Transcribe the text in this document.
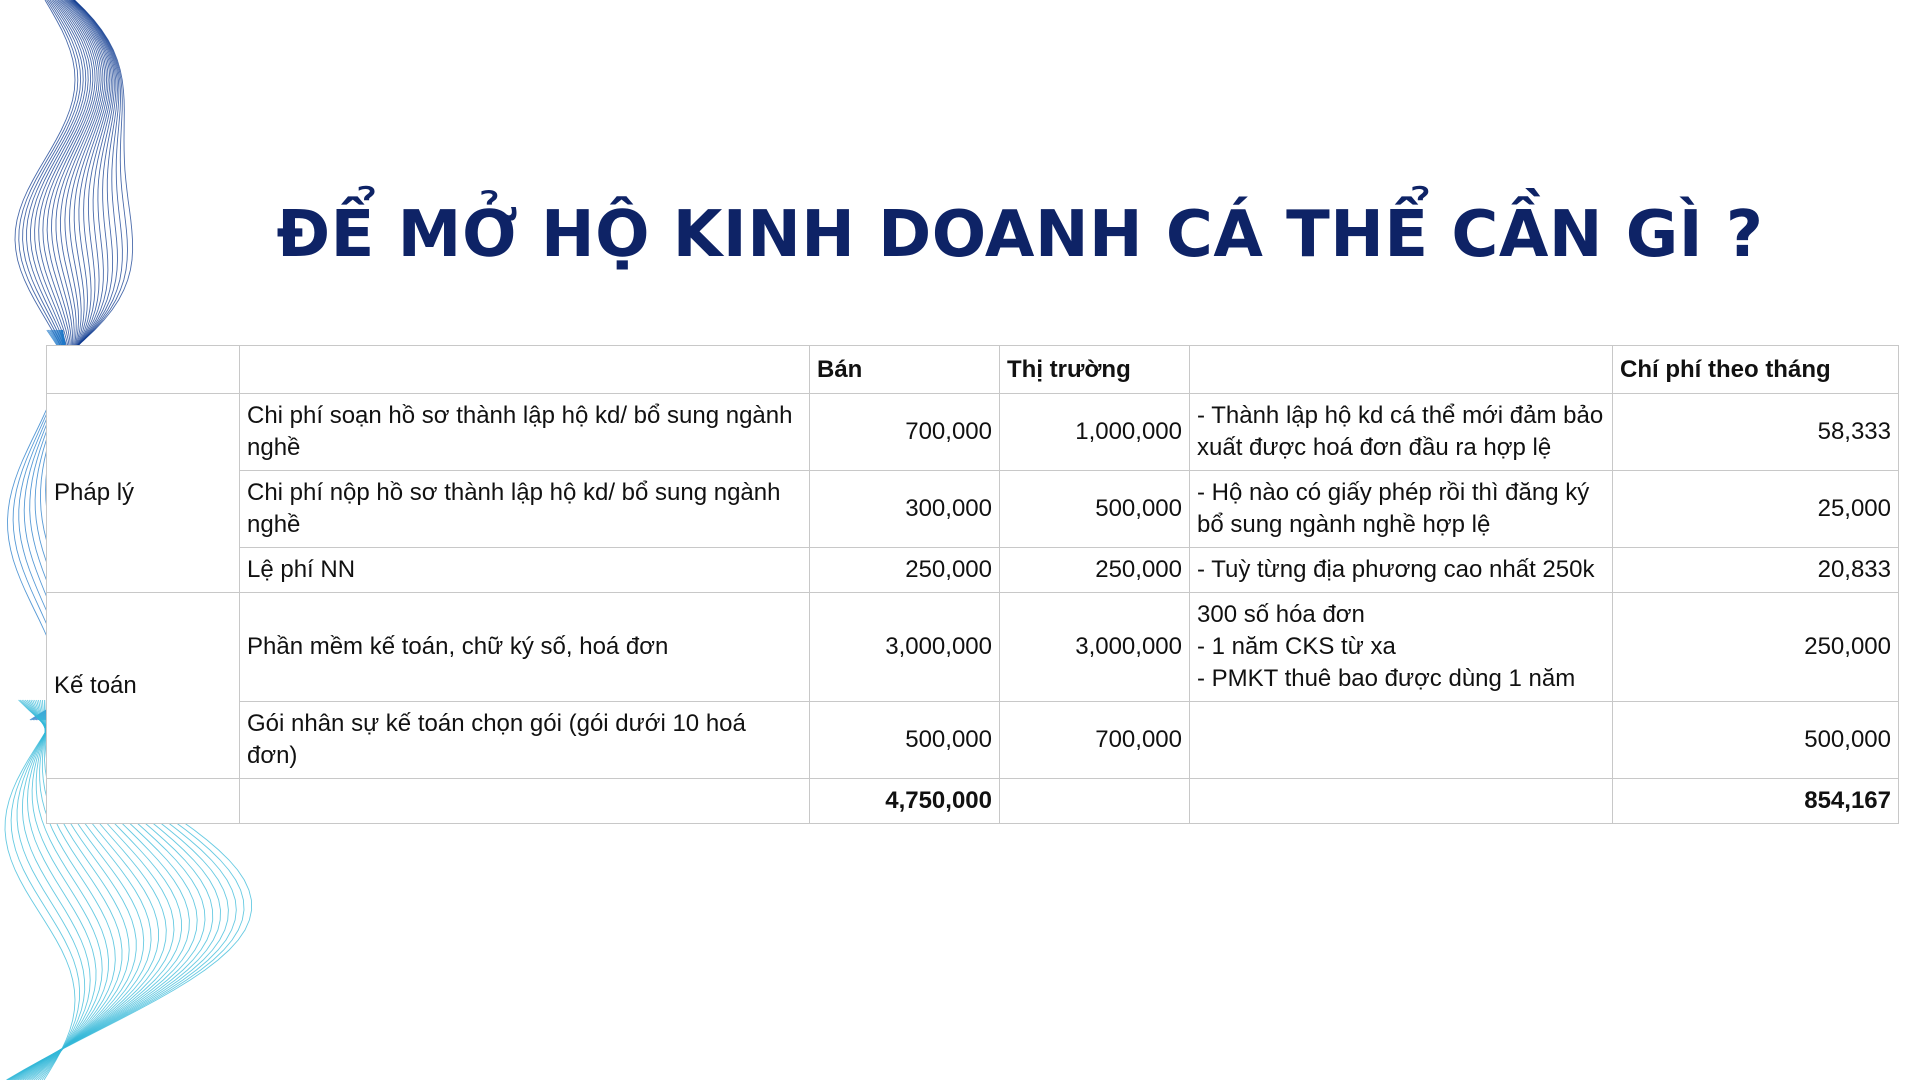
ĐỂ MỞ HỘ KINH DOANH CÁ THỂ CẦN GÌ ?
		Bán	Thị trường		Chí phí theo tháng
Pháp lý	Chi phí soạn hồ sơ thành lập hộ kd/ bổ sung ngành nghề	700,000	1,000,000	- Thành lập hộ kd cá thể mới đảm bảo xuất được hoá đơn đầu ra hợp lệ	58,333
	Chi phí nộp hồ sơ thành lập hộ kd/ bổ sung ngành nghề	300,000	500,000	- Hộ nào có giấy phép rồi thì đăng ký bổ sung ngành nghề hợp lệ	25,000
	Lệ phí NN	250,000	250,000	- Tuỳ từng địa phương cao nhất 250k	20,833
Kế toán	Phần mềm kế toán, chữ ký số, hoá đơn	3,000,000	3,000,000	300 số hóa đơn
- 1 năm CKS từ xa
- PMKT thuê bao được dùng 1 năm	250,000
	Gói nhân sự kế toán chọn gói (gói dưới 10 hoá đơn)	500,000	700,000		500,000
		4,750,000			854,167
